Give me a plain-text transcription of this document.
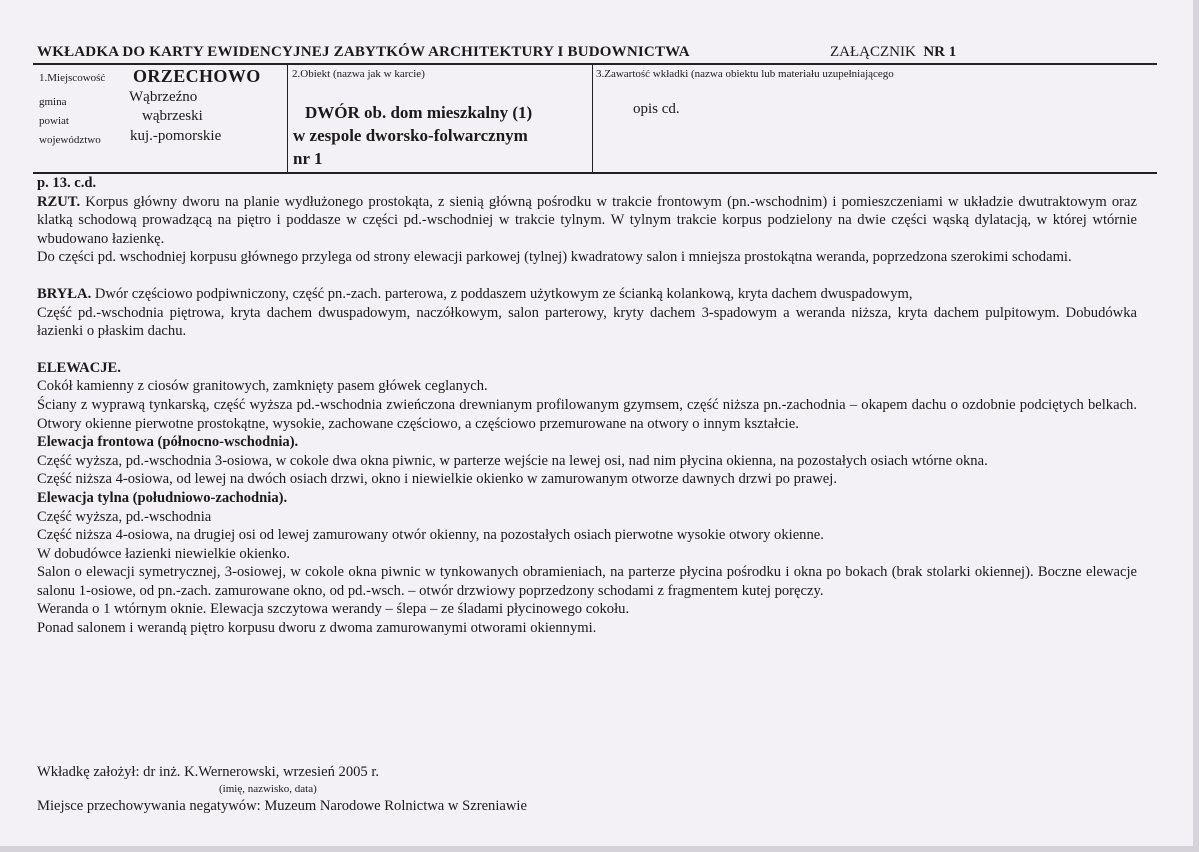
WKŁADKA DO KARTY EWIDENCYJNEJ ZABYTKÓW ARCHITEKTURY I BUDOWNICTWA	ZAŁĄCZNIK NR 1
1.Miejscowość ORZECHOWO
gmina	Wąbrzeźno
powiat	wąbrzeski
województwo kuj.-pomorskie
2.Obiekt (nazwa jak w karcie)
DWÓR ob. dom mieszkalny (1)
w zespole dworsko-folwarcznym
nr 1
3.Zawartość wkładki (nazwa obiektu lub materiału uzupełniającego
opis cd.

p. 13. c.d.

RZUT. Korpus główny dworu na planie wydłużonego prostokąta, z sienią główną pośrodku w trakcie frontowym (pn.-wschodnim) i pomieszczeniami w układzie dwutraktowym oraz klatką schodową prowadzącą na piętro i poddasze w części pd.-wschodniej w trakcie tylnym. W tylnym trakcie korpus podzielony na dwie części wąską dylatacją, w której wtórnie wbudowano łazienkę.

Do części pd. wschodniej korpusu głównego przylega od strony elewacji parkowej (tylnej) kwadratowy salon i mniejsza prostokątna weranda, poprzedzona szerokimi schodami.

BRYŁA. Dwór częściowo podpiwniczony, część pn.-zach. parterowa, z poddaszem użytkowym ze ścianką kolankową, kryta dachem dwuspadowym,

Część pd.-wschodnia piętrowa, kryta dachem dwuspadowym, naczółkowym, salon parterowy, kryty dachem 3-spadowym a weranda niższa, kryta dachem pulpitowym. Dobudówka łazienki o płaskim dachu.

ELEWACJE.

Cokół kamienny z ciosów granitowych, zamknięty pasem główek ceglanych.

Ściany z wyprawą tynkarską, część wyższa pd.-wschodnia zwieńczona drewnianym profilowanym gzymsem, część niższa pn.-zachodnia – okapem dachu o ozdobnie podciętych belkach. Otwory okienne pierwotne prostokątne, wysokie, zachowane częściowo, a częściowo przemurowane na otwory o innym kształcie.

Elewacja frontowa (północno-wschodnia).

Część wyższa, pd.-wschodnia 3-osiowa, w cokole dwa okna piwnic, w parterze wejście na lewej osi, nad nim płycina okienna, na pozostałych osiach wtórne okna.

Część niższa 4-osiowa, od lewej na dwóch osiach drzwi, okno i niewielkie okienko w zamurowanym otworze dawnych drzwi po prawej.

Elewacja tylna (południowo-zachodnia).

Część wyższa, pd.-wschodnia

Część niższa 4-osiowa, na drugiej osi od lewej zamurowany otwór okienny, na pozostałych osiach pierwotne wysokie otwory okienne.

W dobudówce łazienki niewielkie okienko.

Salon o elewacji symetrycznej, 3-osiowej, w cokole okna piwnic w tynkowanych obramieniach, na parterze płycina pośrodku i okna po bokach (brak stolarki okiennej). Boczne elewacje salonu 1-osiowe, od pn.-zach. zamurowane okno, od pd.-wsch. – otwór drzwiowy poprzedzony schodami z fragmentem kutej poręczy.

Weranda o 1 wtórnym oknie. Elewacja szczytowa werandy – ślepa – ze śladami płycinowego cokołu.

Ponad salonem i werandą piętro korpusu dworu z dwoma zamurowanymi otworami okiennymi.

Wkładkę założył: dr inż. K.Wernerowski, wrzesień 2005 r.
(imię, nazwisko, data)
Miejsce przechowywania negatywów: Muzeum Narodowe Rolnictwa w Szreniawie
